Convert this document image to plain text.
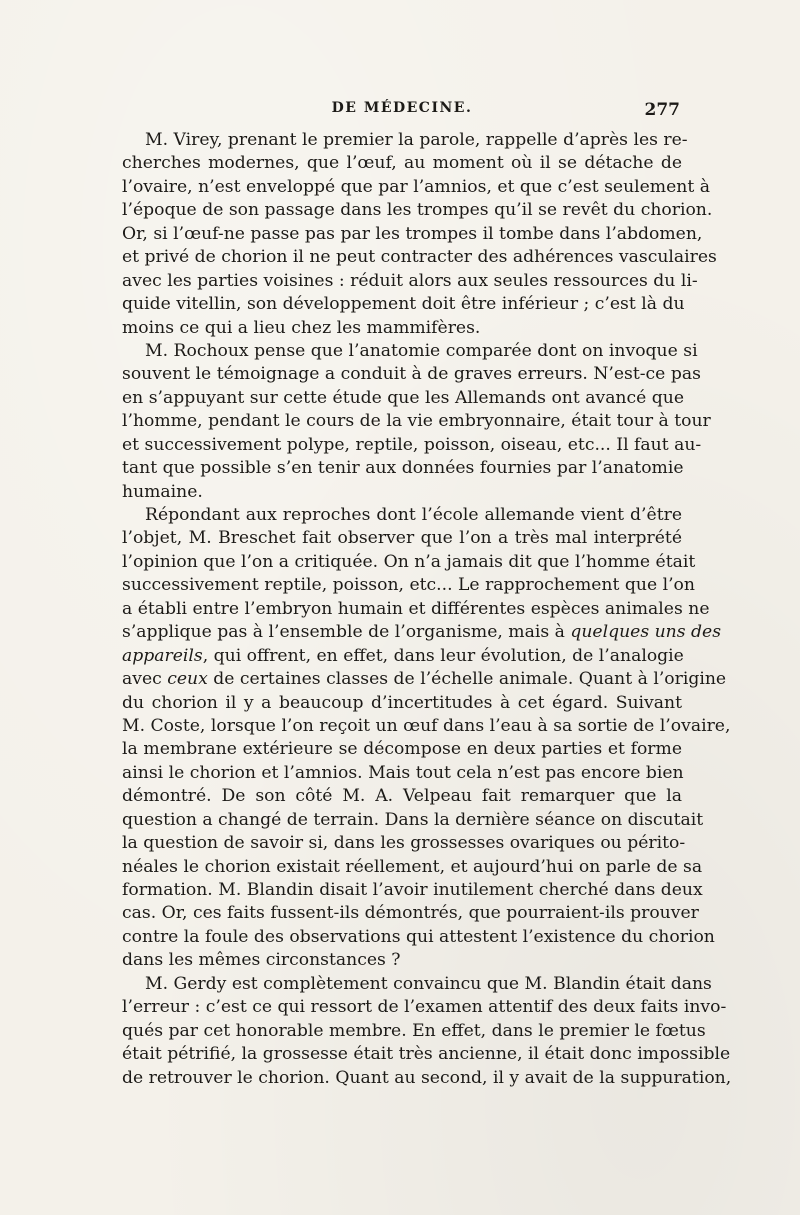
DE MÉDECINE.	277

M. Virey, prenant le premier la parole, rappelle d’après les re-
cherches modernes, que l’œuf, au moment où il se détache de
l’ovaire, n’est enveloppé que par l’amnios, et que c’est seulement à
l’époque de son passage dans les trompes qu’il se revêt du chorion.
Or, si l’œuf-ne passe pas par les trompes il tombe dans l’abdomen,
et privé de chorion il ne peut contracter des adhérences vasculaires
avec les parties voisines : réduit alors aux seules ressources du li-
quide vitellin, son développement doit être inférieur ; c’est là du
moins ce qui a lieu chez les mammifères.

M. Rochoux pense que l’anatomie comparée dont on invoque si
souvent le témoignage a conduit à de graves erreurs. N’est-ce pas
en s’appuyant sur cette étude que les Allemands ont avancé que
l’homme, pendant le cours de la vie embryonnaire, était tour à tour
et successivement polype, reptile, poisson, oiseau, etc... Il faut au-
tant que possible s’en tenir aux données fournies par l’anatomie
humaine.

Répondant aux reproches dont l’école allemande vient d’être
l’objet, M. Breschet fait observer que l’on a très mal interprété
l’opinion que l’on a critiquée. On n’a jamais dit que l’homme était
successivement reptile, poisson, etc... Le rapprochement que l’on
a établi entre l’embryon humain et différentes espèces animales ne
s’applique pas à l’ensemble de l’organisme, mais à quelques uns des
appareils, qui offrent, en effet, dans leur évolution, de l’analogie
avec ceux de certaines classes de l’échelle animale. Quant à l’origine
du chorion il y a beaucoup d’incertitudes à cet égard. Suivant
M. Coste, lorsque l’on reçoit un œuf dans l’eau à sa sortie de l’ovaire,
la membrane extérieure se décompose en deux parties et forme
ainsi le chorion et l’amnios. Mais tout cela n’est pas encore bien
démontré. De son côté M. A. Velpeau fait remarquer que la
question a changé de terrain. Dans la dernière séance on discutait
la question de savoir si, dans les grossesses ovariques ou périto-
néales le chorion existait réellement, et aujourd’hui on parle de sa
formation. M. Blandin disait l’avoir inutilement cherché dans deux
cas. Or, ces faits fussent-ils démontrés, que pourraient-ils prouver
contre la foule des observations qui attestent l’existence du chorion
dans les mêmes circonstances ?

M. Gerdy est complètement convaincu que M. Blandin était dans
l’erreur : c’est ce qui ressort de l’examen attentif des deux faits invo-
qués par cet honorable membre. En effet, dans le premier le fœtus
était pétrifié, la grossesse était très ancienne, il était donc impossible
de retrouver le chorion. Quant au second, il y avait de la suppuration,
